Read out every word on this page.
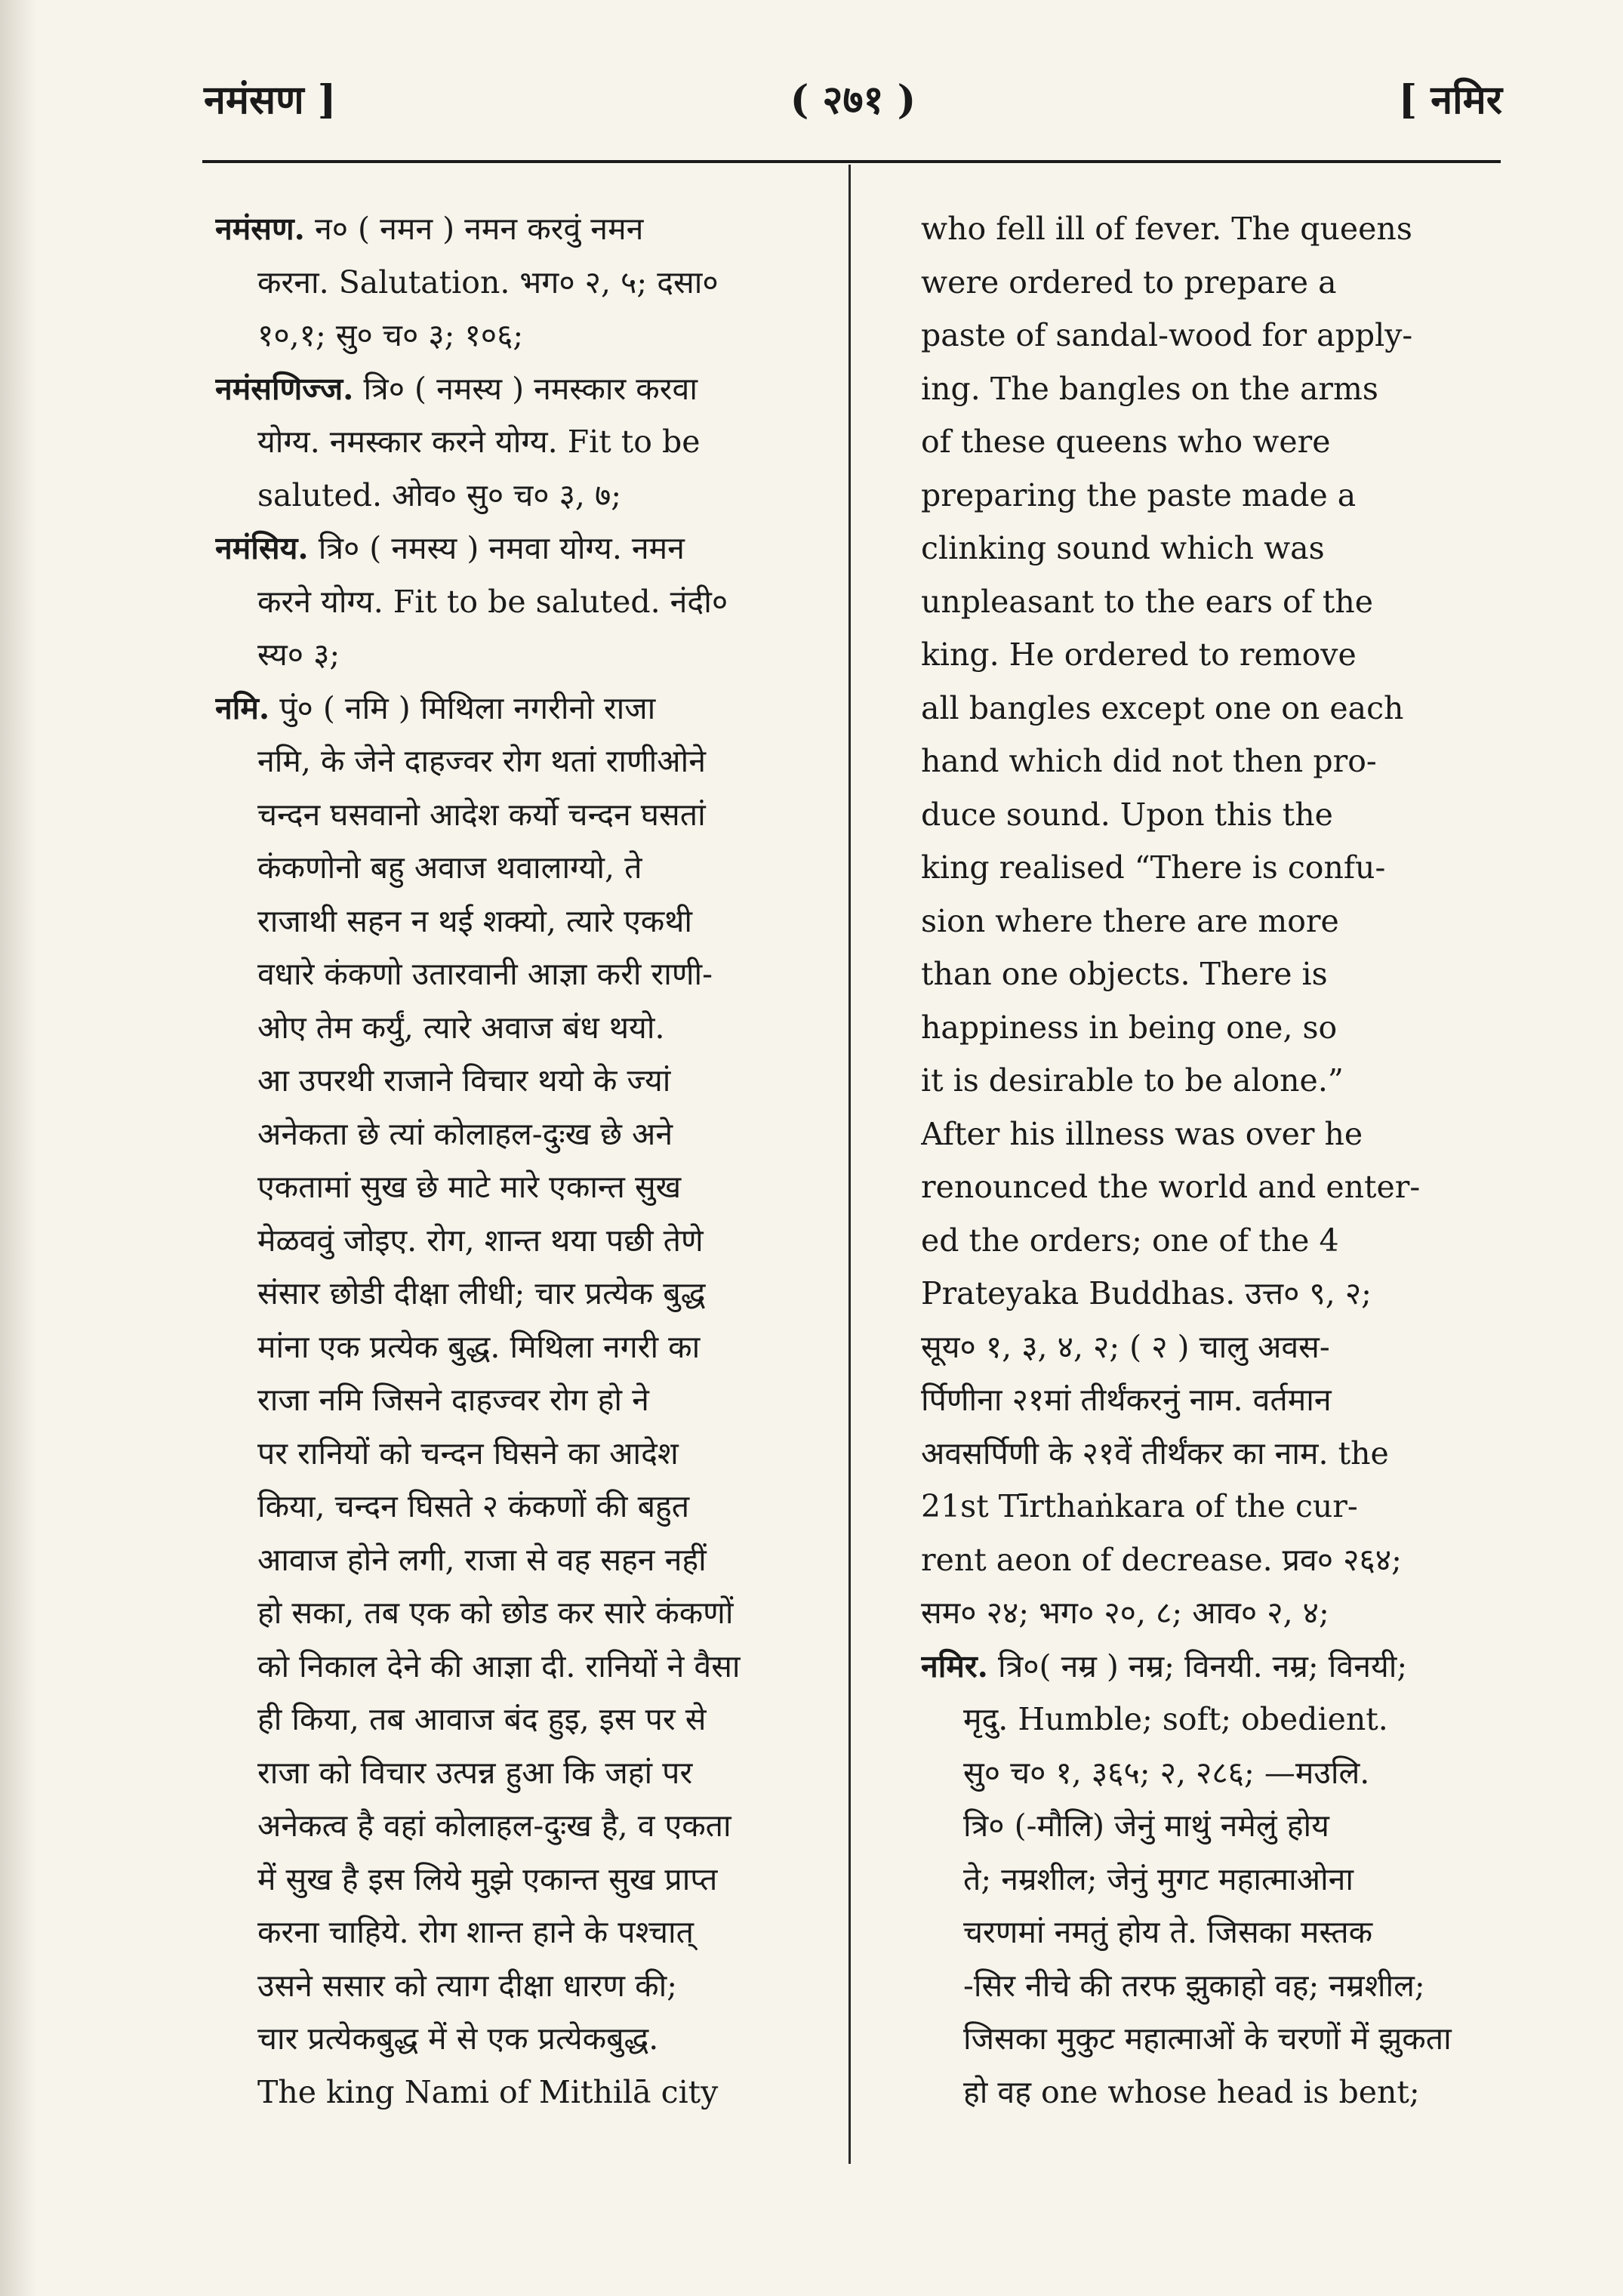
नमंसण ]	( २७१ )	[ नमिर
नमंसण. न० ( नमन ) नमन करवुं नमन
करना. Salutation. भग० २, ५; दसा०
१०,१; सु० च० ३; १०६;
नमंसणिज्ज. त्रि० ( नमस्य ) नमस्कार करवा
योग्य. नमस्कार करने योग्य. Fit to be
saluted. ओव० सु० च० ३, ७;
नमंसिय. त्रि० ( नमस्य ) नमवा योग्य. नमन
करने योग्य. Fit to be saluted. नंदी०
स्य० ३;
नमि. पुं० ( नमि ) मिथिला नगरीनो राजा
नमि, के जेने दाहज्वर रोग थतां राणीओने
चन्दन घसवानो आदेश कर्यो चन्दन घसतां
कंकणोनो बहु अवाज थवालाग्यो, ते
राजाथी सहन न थई शक्यो, त्यारे एकथी
वधारे कंकणो उतारवानी आज्ञा करी राणी-
ओए तेम कर्युं, त्यारे अवाज बंध थयो.
आ उपरथी राजाने विचार थयो के ज्यां
अनेकता छे त्यां कोलाहल-दुःख छे अने
एकतामां सुख छे माटे मारे एकान्त सुख
मेळववुं जोइए. रोग, शान्त थया पछी तेणे
संसार छोडी दीक्षा लीधी; चार प्रत्येक बुद्ध
मांना एक प्रत्येक बुद्ध. मिथिला नगरी का
राजा नमि जिसने दाहज्वर रोग हो ने
पर रानियों को चन्दन घिसने का आदेश
किया, चन्दन घिसते २ कंकणों की बहुत
आवाज होने लगी, राजा से वह सहन नहीं
हो सका, तब एक को छोड कर सारे कंकणों
को निकाल देने की आज्ञा दी. रानियों ने वैसा
ही किया, तब आवाज बंद हुइ, इस पर से
राजा को विचार उत्पन्न हुआ कि जहां पर
अनेकत्व है वहां कोलाहल-दुःख है, व एकता
में सुख है इस लिये मुझे एकान्त सुख प्राप्त
करना चाहिये. रोग शान्त हाने के पश्चात्
उसने ससार को त्याग दीक्षा धारण की;
चार प्रत्येकबुद्ध में से एक प्रत्येकबुद्ध.
The king Nami of Mithilā city
who fell ill of fever. The queens
were ordered to prepare a
paste of sandal-wood for apply-
ing. The bangles on the arms
of these queens who were
preparing the paste made a
clinking sound which was
unpleasant to the ears of the
king. He ordered to remove
all bangles except one on each
hand which did not then pro-
duce sound. Upon this the
king realised “There is confu-
sion where there are more
than one objects. There is
happiness in being one, so
it is desirable to be alone.”
After his illness was over he
renounced the world and enter-
ed the orders; one of the 4
Prateyaka Buddhas. उत्त० ९, २;
सूय० १, ३, ४, २; ( २ ) चालु अवस-
र्पिणीना २१मां तीर्थंकरनुं नाम. वर्तमान
अवसर्पिणी के २१वें तीर्थंकर का नाम. the
21st Tīrthaṅkara of the cur-
rent aeon of decrease. प्रव० २६४;
सम० २४; भग० २०, ८; आव० २, ४;
नमिर. त्रि०( नम्र ) नम्र; विनयी. नम्र; विनयी;
मृदु. Humble; soft; obedient.
सु० च० १, ३६५; २, २८६; —मउलि.
त्रि० (-मौलि) जेनुं माथुं नमेलुं होय
ते; नम्रशील; जेनुं मुगट महात्माओना
चरणमां नमतुं होय ते. जिसका मस्तक
-सिर नीचे की तरफ झुकाहो वह; नम्रशील;
जिसका मुकुट महात्माओं के चरणों में झुकता
हो वह one whose head is bent;
